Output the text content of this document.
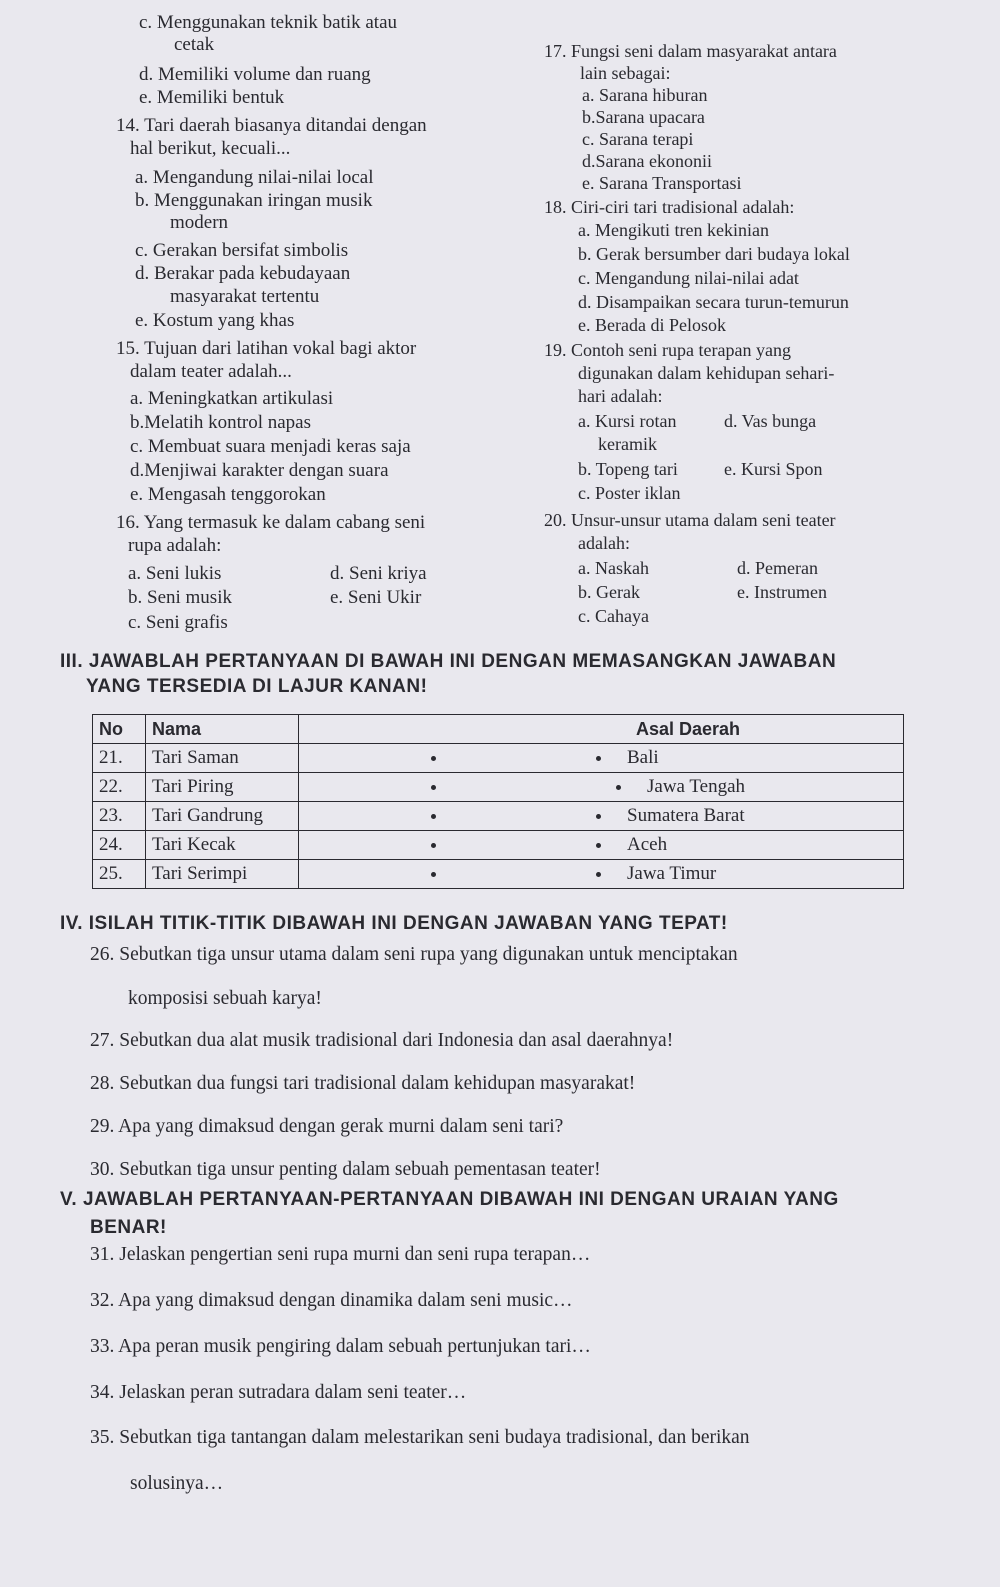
c. Menggunakan teknik batik atau
cetak
d. Memiliki volume dan ruang
e. Memiliki bentuk
14. Tari daerah biasanya ditandai dengan
hal berikut, kecuali...
a. Mengandung nilai-nilai local
b. Menggunakan iringan musik
modern
c. Gerakan bersifat simbolis
d. Berakar pada kebudayaan
masyarakat tertentu
e. Kostum yang khas
15. Tujuan dari latihan vokal bagi aktor
dalam teater adalah...
a. Meningkatkan artikulasi
b.Melatih kontrol napas
c. Membuat suara menjadi keras saja
d.Menjiwai karakter dengan suara
e. Mengasah tenggorokan
16. Yang termasuk ke dalam cabang seni
rupa adalah:
a. Seni lukis	d. Seni kriya
b. Seni musik	e. Seni Ukir
c. Seni grafis
17. Fungsi seni dalam masyarakat antara
lain sebagai:
a. Sarana hiburan
b.Sarana upacara
c. Sarana terapi
d.Sarana ekononii
e. Sarana Transportasi
18. Ciri-ciri tari tradisional adalah:
a. Mengikuti tren kekinian
b. Gerak bersumber dari budaya lokal
c. Mengandung nilai-nilai adat
d. Disampaikan secara turun-temurun
e. Berada di Pelosok
19. Contoh seni rupa terapan yang
digunakan dalam kehidupan sehari-
hari adalah:
a. Kursi rotan	d. Vas bunga
keramik
b. Topeng tari	e. Kursi Spon
c. Poster iklan
20. Unsur-unsur utama dalam seni teater
adalah:
a. Naskah	d. Pemeran
b. Gerak	e. Instrumen
c. Cahaya
III. JAWABLAH PERTANYAAN DI BAWAH INI DENGAN MEMASANGKAN JAWABAN
YANG TERSEDIA DI LAJUR KANAN!
No	Nama	Asal Daerah
21.	Tari Saman	Bali
22.	Tari Piring	Jawa Tengah
23.	Tari Gandrung	Sumatera Barat
24.	Tari Kecak	Aceh
25.	Tari Serimpi	Jawa Timur
IV. ISILAH TITIK-TITIK DIBAWAH INI DENGAN JAWABAN YANG TEPAT!
26. Sebutkan tiga unsur utama dalam seni rupa yang digunakan untuk menciptakan
komposisi sebuah karya!
27. Sebutkan dua alat musik tradisional dari Indonesia dan asal daerahnya!
28. Sebutkan dua fungsi tari tradisional dalam kehidupan masyarakat!
29. Apa yang dimaksud dengan gerak murni dalam seni tari?
30. Sebutkan tiga unsur penting dalam sebuah pementasan teater!
V. JAWABLAH PERTANYAAN-PERTANYAAN DIBAWAH INI DENGAN URAIAN YANG
BENAR!
31. Jelaskan pengertian seni rupa murni dan seni rupa terapan…
32. Apa yang dimaksud dengan dinamika dalam seni music…
33. Apa peran musik pengiring dalam sebuah pertunjukan tari…
34. Jelaskan peran sutradara dalam seni teater…
35. Sebutkan tiga tantangan dalam melestarikan seni budaya tradisional, dan berikan
solusinya…
